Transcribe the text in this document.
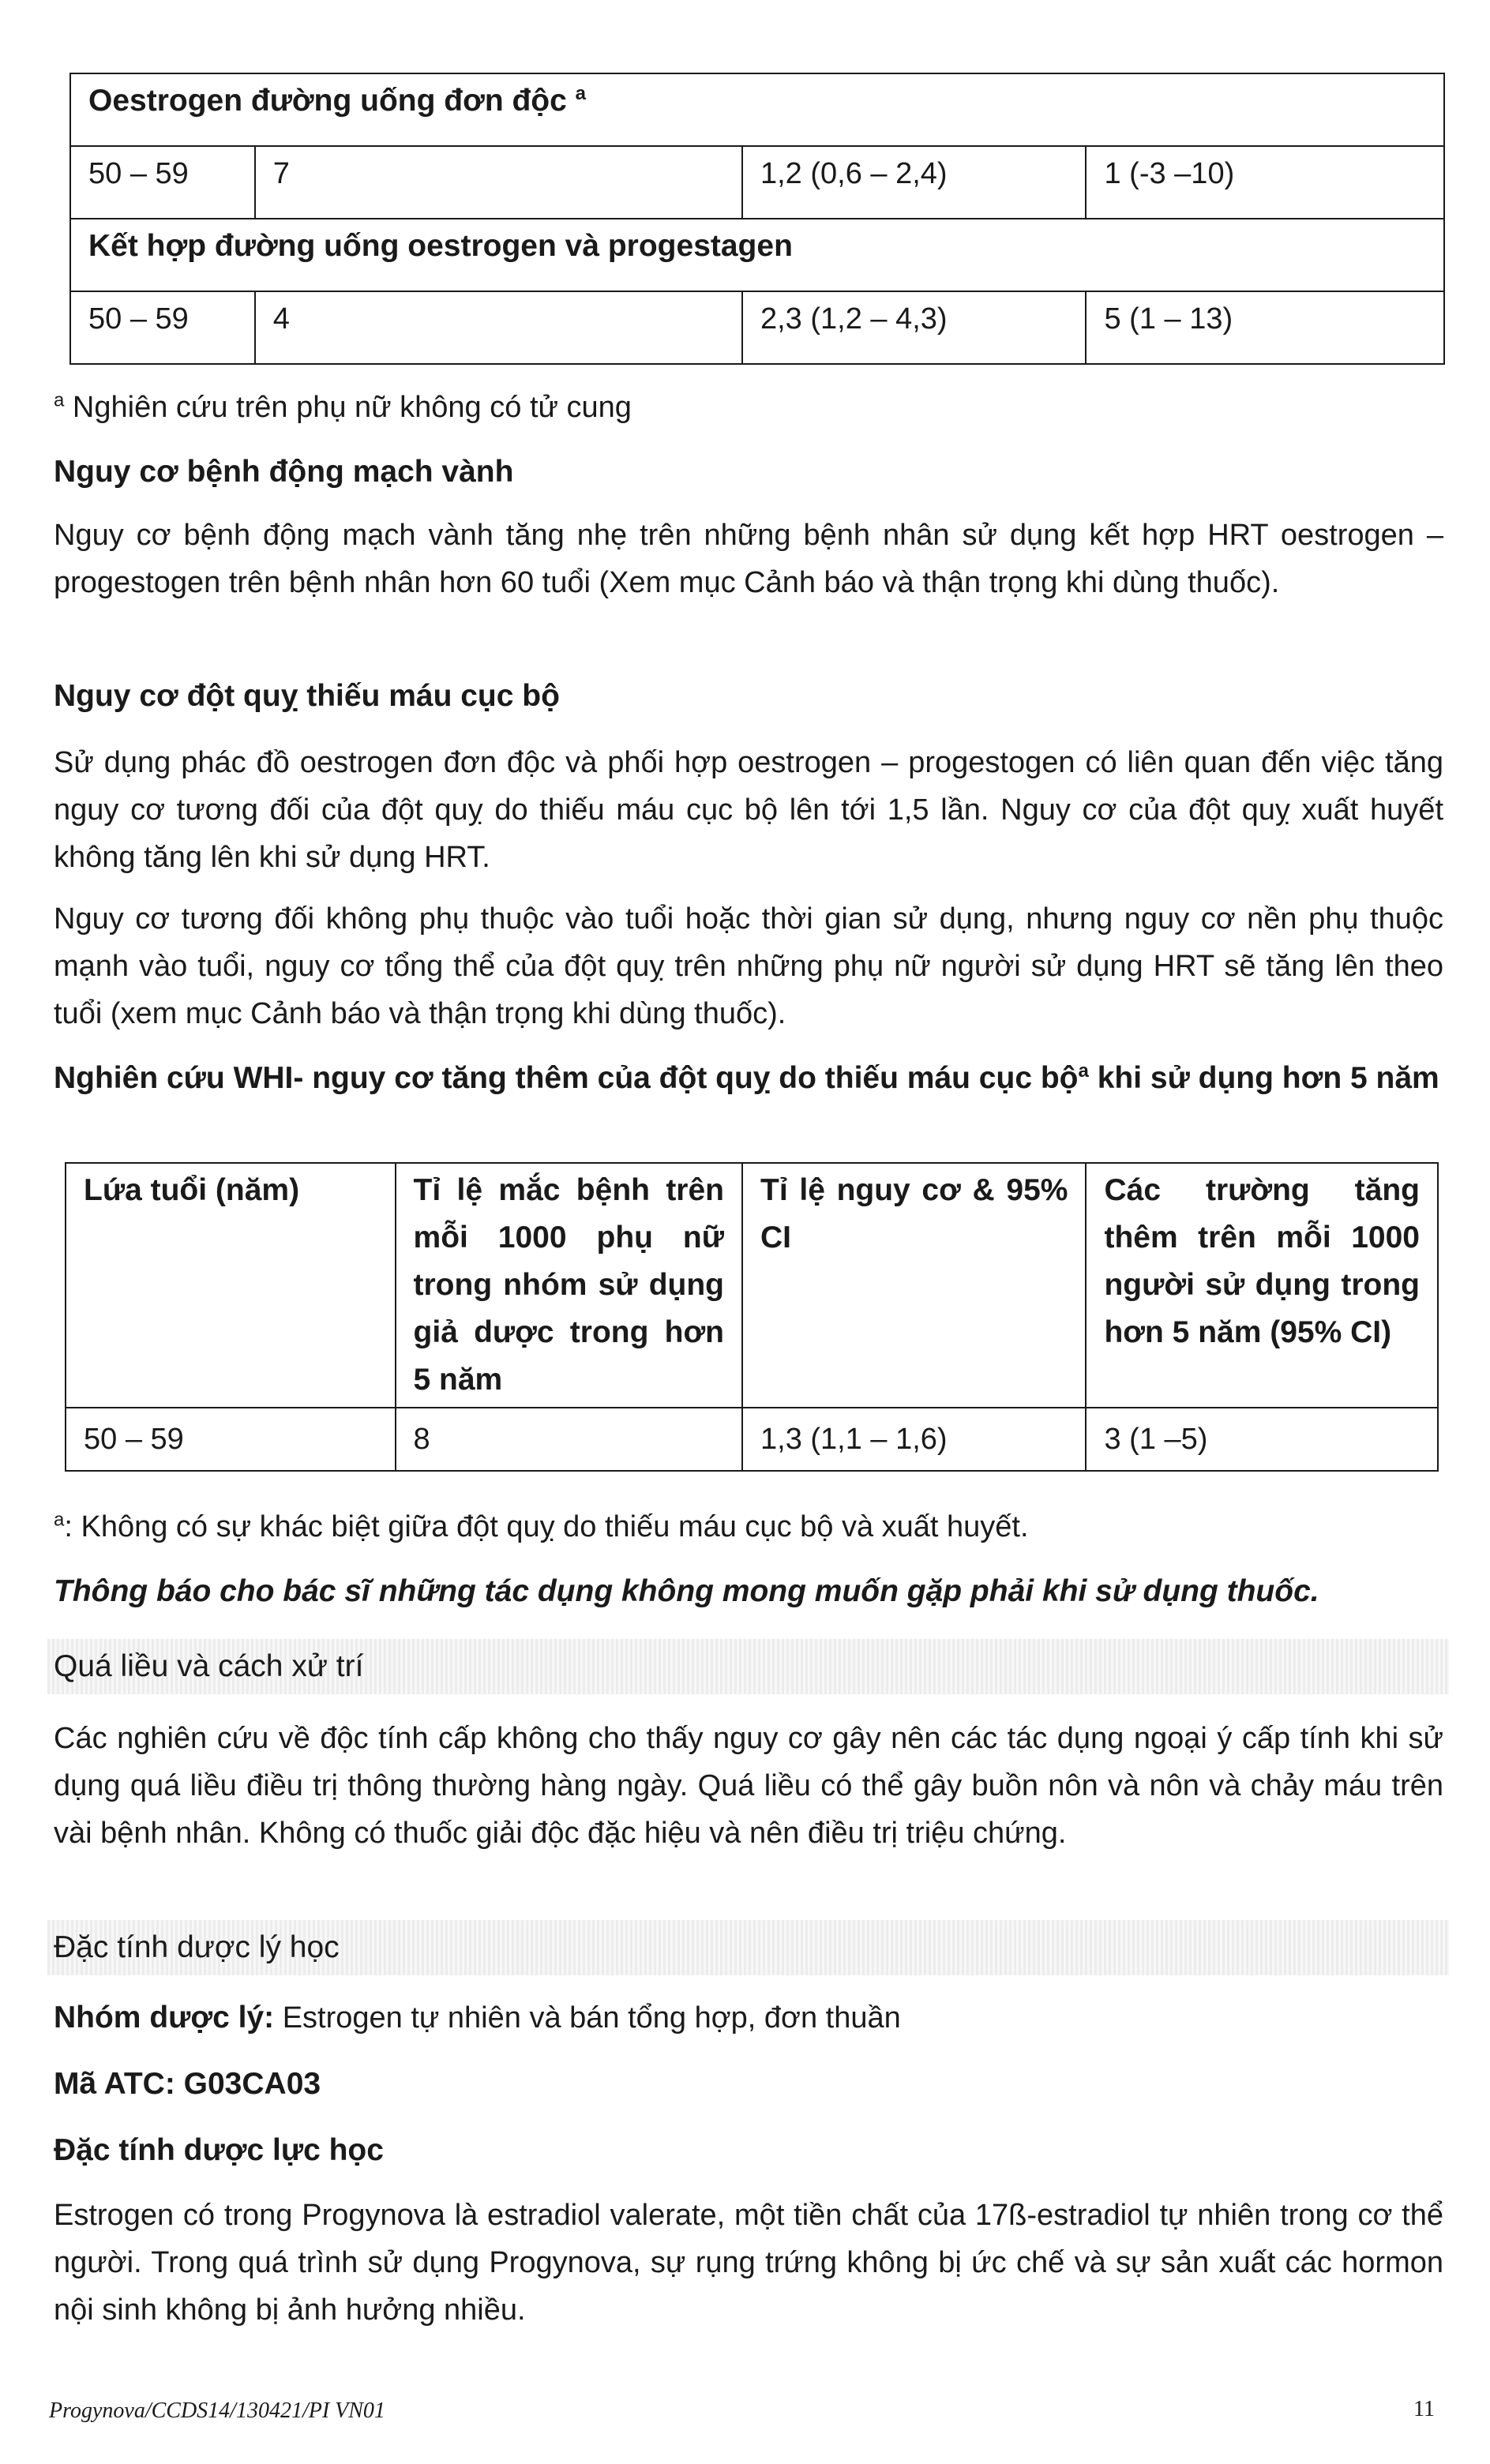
Oestrogen đường uống đơn độc $^a$
50 – 59	7	1,2 (0,6 – 2,4)	1 (-3 –10)
Kết hợp đường uống oestrogen và progestagen			
50 – 59	4	2,3 (1,2 – 4,3)	5 (1 – 13)
$^a$ Nghiên cứu trên phụ nữ không có tử cung
Nguy cơ bệnh động mạch vành
Nguy cơ bệnh động mạch vành tăng nhẹ trên những bệnh nhân sử dụng kết hợp HRT oestrogen – progestogen trên bệnh nhân hơn 60 tuổi (Xem mục Cảnh báo và thận trọng khi dùng thuốc).
Nguy cơ đột quỵ thiếu máu cục bộ
Sử dụng phác đồ oestrogen đơn độc và phối hợp oestrogen – progestogen có liên quan đến việc tăng nguy cơ tương đối của đột quỵ do thiếu máu cục bộ lên tới 1,5 lần. Nguy cơ của đột quỵ xuất huyết không tăng lên khi sử dụng HRT.
Nguy cơ tương đối không phụ thuộc vào tuổi hoặc thời gian sử dụng, nhưng nguy cơ nền phụ thuộc mạnh vào tuổi, nguy cơ tổng thể của đột quỵ trên những phụ nữ người sử dụng HRT sẽ tăng lên theo tuổi (xem mục Cảnh báo và thận trọng khi dùng thuốc).
Nghiên cứu WHI- nguy cơ tăng thêm của đột quỵ do thiếu máu cục bộ$^a$ khi sử dụng hơn 5 năm
Lứa tuổi (năm)	Tỉ lệ mắc bệnh trên mỗi 1000 phụ nữ trong nhóm sử dụng giả dược trong hơn 5 năm	Tỉ lệ nguy cơ & 95% CI	Các trường tăng thêm trên mỗi 1000 người sử dụng trong hơn 5 năm (95% CI)
50 – 59	8	1,3 (1,1 – 1,6)	3 (1 –5)
$^a$: Không có sự khác biệt giữa đột quỵ do thiếu máu cục bộ và xuất huyết.
Thông báo cho bác sĩ những tác dụng không mong muốn gặp phải khi sử dụng thuốc.
Quá liều và cách xử trí
Các nghiên cứu về độc tính cấp không cho thấy nguy cơ gây nên các tác dụng ngoại ý cấp tính khi sử dụng quá liều điều trị thông thường hàng ngày. Quá liều có thể gây buồn nôn và nôn và chảy máu trên vài bệnh nhân. Không có thuốc giải độc đặc hiệu và nên điều trị triệu chứng.
Đặc tính dược lý học
Nhóm dược lý: Estrogen tự nhiên và bán tổng hợp, đơn thuần
Mã ATC: G03CA03
Đặc tính dược lực học
Estrogen có trong Progynova là estradiol valerate, một tiền chất của 17ß-estradiol tự nhiên trong cơ thể người. Trong quá trình sử dụng Progynova, sự rụng trứng không bị ức chế và sự sản xuất các hormon nội sinh không bị ảnh hưởng nhiều.
Progynova/CCDS14/130421/PI VN01	11
